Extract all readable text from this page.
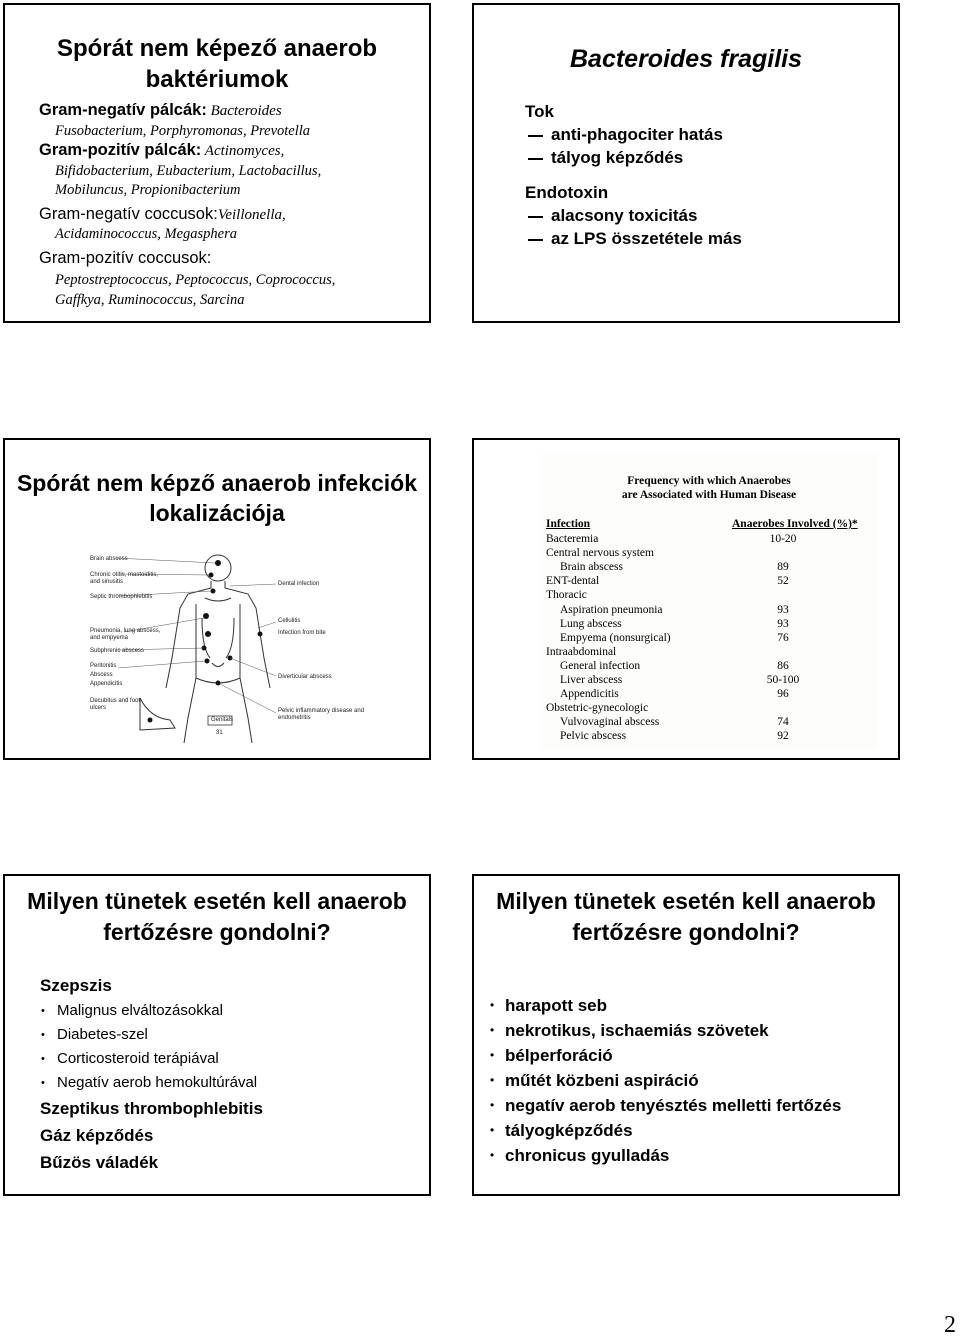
Spórát nem képező anaerob baktériumok
Gram-negatív pálcák: Bacteroides
Fusobacterium, Porphyromonas, Prevotella
Gram-pozitív pálcák: Actinomyces,
Bifidobacterium, Eubacterium, Lactobacillus,
Mobiluncus, Propionibacterium
Gram-negatív coccusok:Veillonella,
Acidaminococcus, Megasphera
Gram-pozitív coccusok:
Peptostreptococcus, Peptococcus, Coprococcus,
Gaffkya, Ruminococcus, Sarcina
Bacteroides fragilis
Tok
anti-phagociter hatás
tályog képződés
Endotoxin
alacsony toxicitás
az LPS összetétele más
Spórát nem képző anaerob infekciók lokalizációja
Brain abscess
Chronic otitis, mastoiditis, and sinusitis
Septic thrombophlebitis
Pneumonia, lung abscess, and empyema
Subphrenic abscess
Peritonitis
Abscess
Appendicitis
Decubitus and foot ulcers
Dental infection
Cellulitis
Infection from bite
Diverticular abscess
Pelvic inflammatory disease and endometritis
Genitals
31
Frequency with which Anaerobes
are Associated with Human Disease
Infection	Anaerobes Involved (%)*
Bacteremia	10-20
Central nervous system
Brain abscess	89
ENT-dental	52
Thoracic
Aspiration pneumonia	93
Lung abscess	93
Empyema (nonsurgical)	76
Intraabdominal
General infection	86
Liver abscess	50-100
Appendicitis	96
Obstetric-gynecologic
Vulvovaginal abscess	74
Pelvic abscess	92
Milyen tünetek esetén kell anaerob fertőzésre gondolni?
Szepszis
• Malignus elváltozásokkal
• Diabetes-szel
• Corticosteroid terápiával
• Negatív aerob hemokultúrával
Szeptikus thrombophlebitis
Gáz képződés
Bűzös váladék
Milyen tünetek esetén kell anaerob fertőzésre gondolni?
• harapott seb
• nekrotikus, ischaemiás szövetek
• bélperforáció
• műtét közbeni aspiráció
• negatív aerob tenyésztés melletti fertőzés
• tályogképződés
• chronicus gyulladás
2
